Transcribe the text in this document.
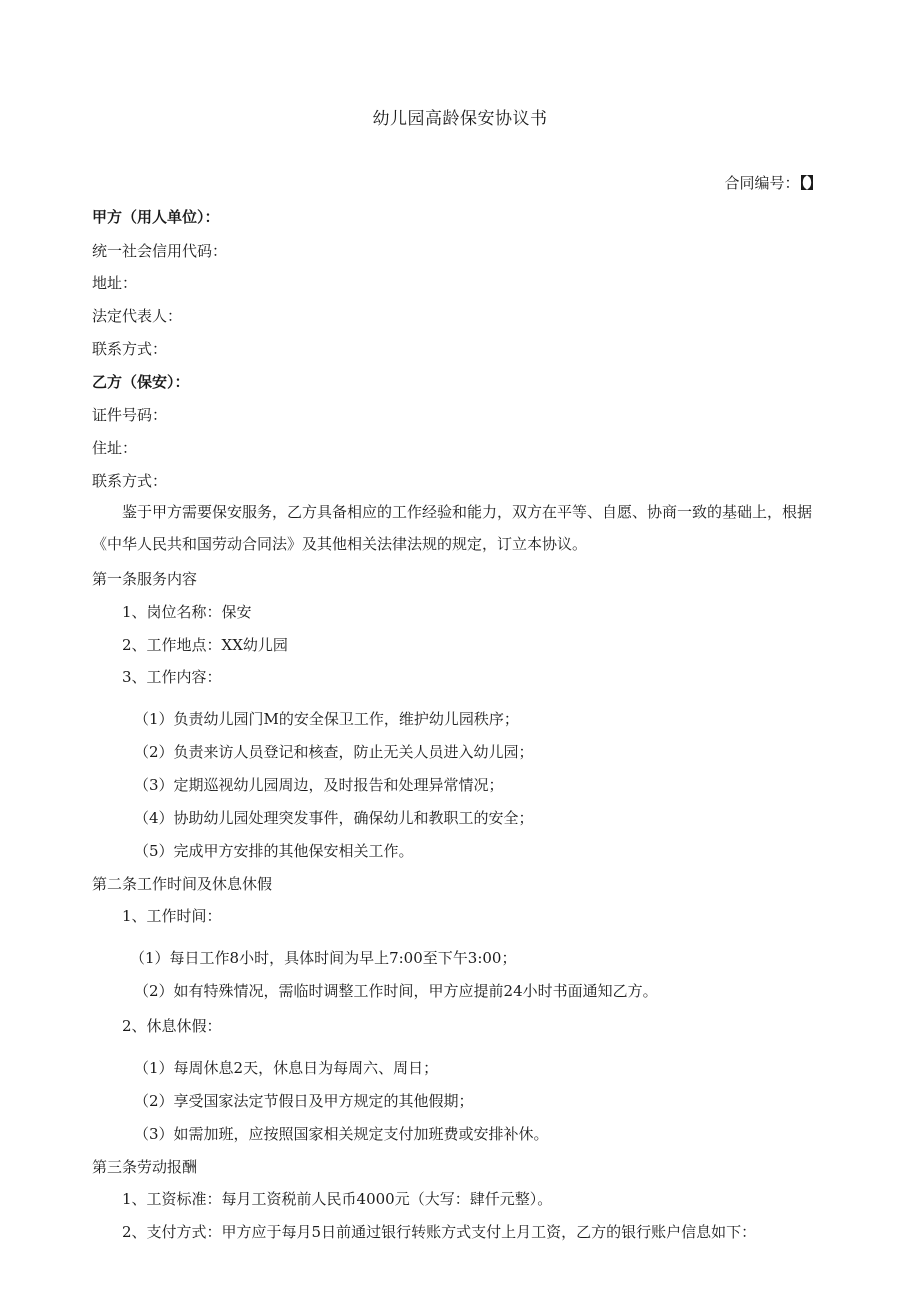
幼儿园高龄保安协议书
合同编号：【】
甲方（用人单位）：
统一社会信用代码：
地址：
法定代表人：
联系方式：
乙方（保安）：
证件号码：
住址：
联系方式：
鉴于甲方需要保安服务，乙方具备相应的工作经验和能力，双方在平等、自愿、协商一致的基础上，根据《中华人民共和国劳动合同法》及其他相关法律法规的规定，订立本协议。
第一条服务内容
1、岗位名称：保安
2、工作地点：XX幼儿园
3、工作内容：
（1）负责幼儿园门M的安全保卫工作，维护幼儿园秩序；
（2）负责来访人员登记和核查，防止无关人员进入幼儿园；
（3）定期巡视幼儿园周边，及时报告和处理异常情况；
（4）协助幼儿园处理突发事件，确保幼儿和教职工的安全；
（5）完成甲方安排的其他保安相关工作。
第二条工作时间及休息休假
1、工作时间：
（1）每日工作8小时，具体时间为早上7:00至下午3:00；
（2）如有特殊情况，需临时调整工作时间，甲方应提前24小时书面通知乙方。
2、休息休假：
（1）每周休息2天，休息日为每周六、周日；
（2）享受国家法定节假日及甲方规定的其他假期；
（3）如需加班，应按照国家相关规定支付加班费或安排补休。
第三条劳动报酬
1、工资标准：每月工资税前人民币4000元（大写：肆仟元整）。
2、支付方式：甲方应于每月5日前通过银行转账方式支付上月工资，乙方的银行账户信息如下：
